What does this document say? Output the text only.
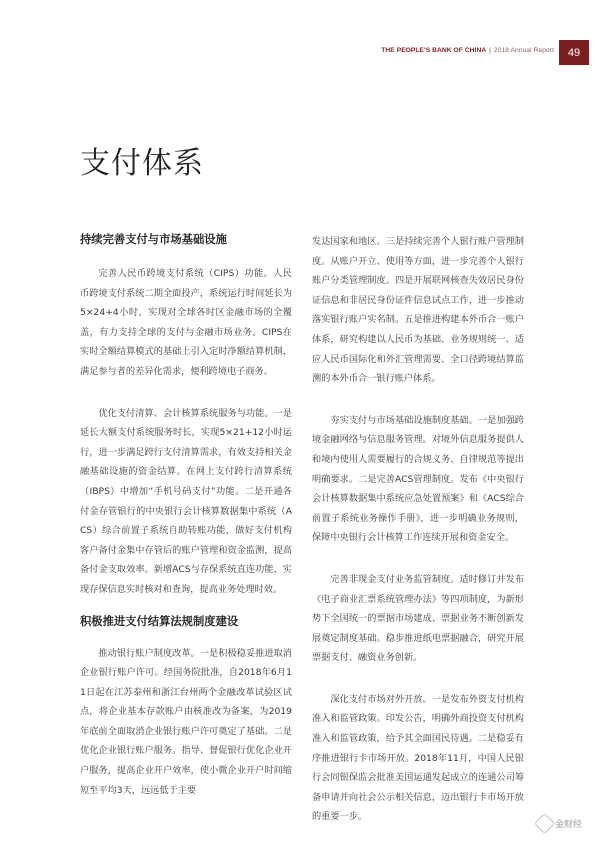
THE PEOPLE'S BANK OF CHINA | 2018 Annual Report 49
支付体系
持续完善支付与市场基础设施

完善人民币跨境支付系统（CIPS）功能。人民币跨境支付系统二期全面投产，系统运行时间延长为5×24+4小时，实现对全球各时区金融市场的全覆盖，有力支持全球的支付与金融市场业务。CIPS在实时全额结算模式的基础上引入定时净额结算机制，满足参与者的差异化需求，便利跨境电子商务。

优化支付清算、会计核算系统服务与功能。一是延长大额支付系统服务时长，实现5×21+12小时运行，进一步满足跨行支付清算需求，有效支持相关金融基础设施的资金结算。在网上支付跨行清算系统（IBPS）中增加“手机号码支付”功能。二是开通各付金存管银行的中央银行会计核算数据集中系统（ACS）综合前置子系统自助转账功能，做好支付机构客户备付金集中存管后的账户管理和资金监测，提高备付金支取效率。新增ACS与存保系统直连功能，实现存保信息实时核对和查询，提高业务处理时效。

积极推进支付结算法规制度建设

推动银行账户制度改革。一是积极稳妥推进取消企业银行账户许可。经国务院批准，自2018年6月11日起在江苏泰州和浙江台州两个金融改革试验区试点，将企业基本存款账户由核准改为备案，为2019年底前全面取消企业银行账户许可奠定了基础。二是优化企业银行账户服务。指导、督促银行优化企业开户服务，提高企业开户效率，使小微企业开户时间缩短至平均3天，远远低于主要

发达国家和地区。三是持续完善个人银行账户管理制度。从账户开立、使用等方面，进一步完善个人银行账户分类管理制度。四是开展联网核查失效居民身份证信息和非居民身份证件信息试点工作，进一步推动落实银行账户实名制。五是推进构建本外币合一账户体系，研究构建以人民币为基础、业务规则统一、适应人民币国际化和外汇管理需要、全口径跨境结算监测的本外币合一银行账户体系。

夯实支付与市场基础设施制度基础。一是加强跨境金融网络与信息服务管理。对境外信息服务提供人和境内使用人需要履行的合规义务、自律规范等提出明确要求。二是完善ACS管理制度。发布《中央银行会计核算数据集中系统应急处置预案》和《ACS综合前置子系统业务操作手册》，进一步明确业务规则，保障中央银行会计核算工作连续开展和资金安全。

完善非现金支付业务监管制度。适时修订并发布《电子商业汇票系统管理办法》等四项制度，为新形势下全国统一的票据市场建成、票据业务不断创新发展奠定制度基础。稳步推进纸电票据融合，研究开展票据支付、融资业务创新。

深化支付市场对外开放。一是发布外资支付机构准入和监管政策。印发公告，明确外商投资支付机构准入和监管政策，给予其全面国民待遇。二是稳妥有序推进银行卡市场开放。2018年11月，中国人民银行会同银保监会批准美国运通发起成立的连通公司筹备申请并向社会公示相关信息，迈出银行卡市场开放的重要一步。

金财经
